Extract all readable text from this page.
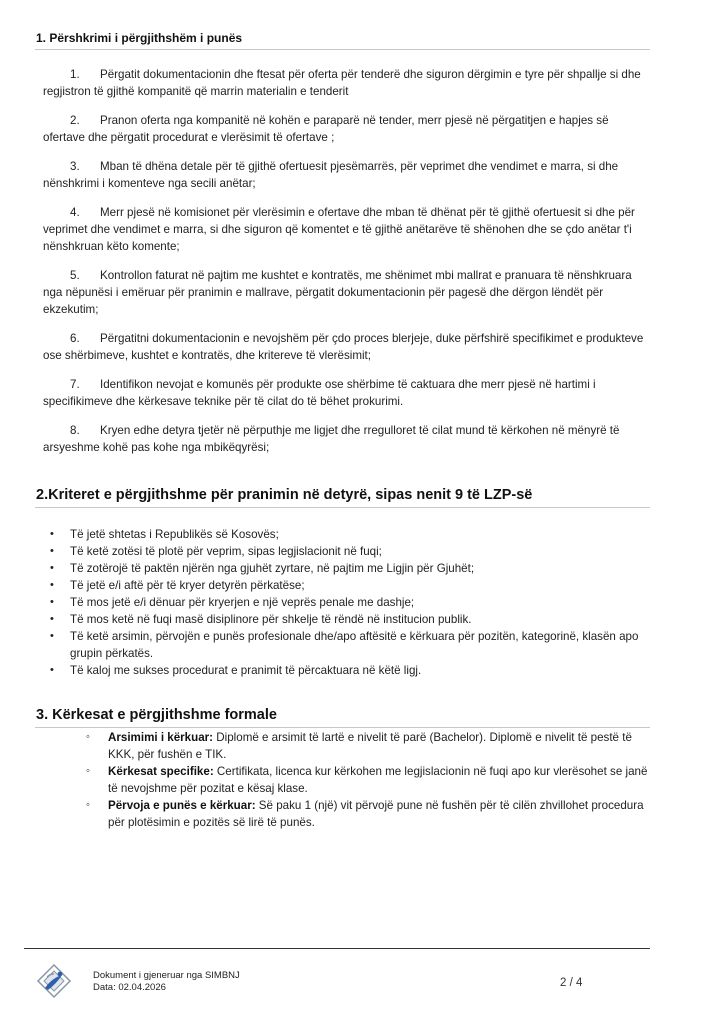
1. Përshkrimi i përgjithshëm i punës

1. Përgatit dokumentacionin dhe ftesat për oferta për tenderë dhe siguron dërgimin e tyre për shpallje si dhe regjistron të gjithë kompanitë që marrin materialin e tenderit

2. Pranon oferta nga kompanitë në kohën e paraparë në tender, merr pjesë në përgatitjen e hapjes së ofertave dhe përgatit procedurat e vlerësimit të ofertave ;

3. Mban të dhëna detale për të gjithë ofertuesit pjesëmarrës, për veprimet dhe vendimet e marra, si dhe nënshkrimi i komenteve nga secili anëtar;

4. Merr pjesë në komisionet për vlerësimin e ofertave dhe mban të dhënat për të gjithë ofertuesit si dhe për veprimet dhe vendimet e marra, si dhe siguron që komentet e të gjithë anëtarëve të shënohen dhe se çdo anëtar t'i nënshkruan këto komente;

5. Kontrollon faturat në pajtim me kushtet e kontratës, me shënimet mbi mallrat e pranuara të nënshkruara nga nëpunësi i emëruar për pranimin e mallrave, përgatit dokumentacionin për pagesë dhe dërgon lëndët për ekzekutim;

6. Përgatitni dokumentacionin e nevojshëm për çdo proces blerjeje, duke përfshirë specifikimet e produkteve ose shërbimeve, kushtet e kontratës, dhe kritereve të vlerësimit;

7. Identifikon nevojat e komunës për produkte ose shërbime të caktuara dhe merr pjesë në hartimi i specifikimeve dhe kërkesave teknike për të cilat do të bëhet prokurimi.

8. Kryen edhe detyra tjetër në përputhje me ligjet dhe rregulloret të cilat mund të kërkohen në mënyrë të arsyeshme kohë pas kohe nga mbikëqyrësi;

2.Kriteret e përgjithshme për pranimin në detyrë, sipas nenit 9 të LZP-së
• Të jetë shtetas i Republikës së Kosovës;
• Të ketë zotësi të plotë për veprim, sipas legjislacionit në fuqi;
• Të zotërojë të paktën njërën nga gjuhët zyrtare, në pajtim me Ligjin për Gjuhët;
• Të jetë e/i aftë për të kryer detyrën përkatëse;
• Të mos jetë e/i dënuar për kryerjen e një veprës penale me dashje;
• Të mos ketë në fuqi masë disiplinore për shkelje të rëndë në institucion publik.
• Të ketë arsimin, përvojën e punës profesionale dhe/apo aftësitë e kërkuara për pozitën, kategorinë, klasën apo grupin përkatës.
• Të kaloj me sukses procedurat e pranimit të përcaktuara në këtë ligj.
3. Kërkesat e përgjithshme formale
◦ Arsimimi i kërkuar: Diplomë e arsimit të lartë e nivelit të parë (Bachelor). Diplomë e nivelit të pestë të KKK, për fushën e TIK.
◦ Kërkesat specifike: Certifikata, licenca kur kërkohen me legjislacionin në fuqi apo kur vlerësohet se janë të nevojshme për pozitat e kësaj klase.
◦ Përvoja e punës e kërkuar: Së paku 1 (një) vit përvojë pune në fushën për të cilën zhvillohet procedura për plotësimin e pozitës së lirë të punës.
Dokument i gjeneruar nga SIMBNJ
Data: 02.04.2026	2 / 4
